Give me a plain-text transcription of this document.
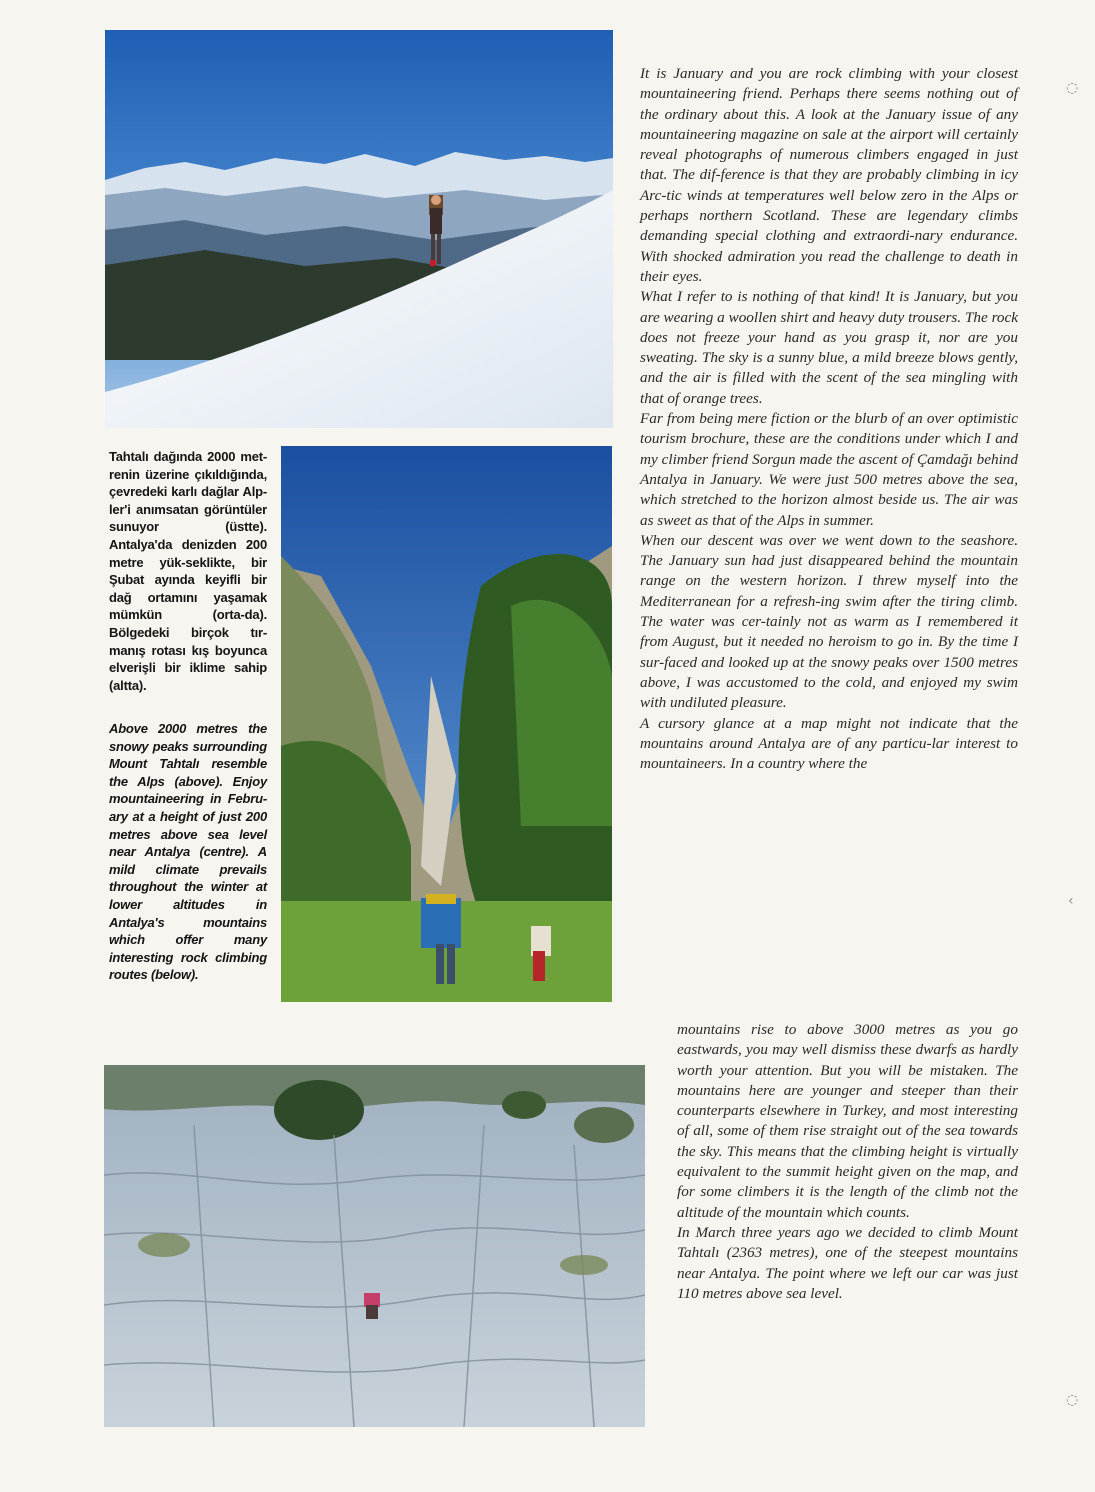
Tahtalı dağında 2000 met-renin üzerine çıkıldığında, çevredeki karlı dağlar Alp-ler'i anımsatan görüntüler sunuyor (üstte). Antalya'da denizden 200 metre yük-seklikte, bir Şubat ayında keyifli bir dağ ortamını yaşamak mümkün (orta-da). Bölgedeki birçok tır-manış rotası kış boyunca elverişli bir iklime sahip (altta).
Above 2000 metres the snowy peaks surrounding Mount Tahtalı resemble the Alps (above). Enjoy mountaineering in Febru-ary at a height of just 200 metres above sea level near Antalya (centre). A mild climate prevails throughout the winter at lower altitudes in Antalya's mountains which offer many interesting rock climbing routes (below).

It is January and you are rock climbing with your closest mountaineering friend. Perhaps there seems nothing out of the ordinary about this. A look at the January issue of any mountaineering magazine on sale at the airport will certainly reveal photographs of numerous climbers engaged in just that. The dif-ference is that they are probably climbing in icy Arc-tic winds at temperatures well below zero in the Alps or perhaps northern Scotland. These are legendary climbs demanding special clothing and extraordi-nary endurance. With shocked admiration you read the challenge to death in their eyes.

What I refer to is nothing of that kind! It is January, but you are wearing a woollen shirt and heavy duty trousers. The rock does not freeze your hand as you grasp it, nor are you sweating. The sky is a sunny blue, a mild breeze blows gently, and the air is filled with the scent of the sea mingling with that of orange trees.

Far from being mere fiction or the blurb of an over optimistic tourism brochure, these are the conditions under which I and my climber friend Sorgun made the ascent of Çamdağı behind Antalya in January. We were just 500 metres above the sea, which stretched to the horizon almost beside us. The air was as sweet as that of the Alps in summer.

When our descent was over we went down to the seashore. The January sun had just disappeared behind the mountain range on the western horizon. I threw myself into the Mediterranean for a refresh-ing swim after the tiring climb. The water was cer-tainly not as warm as I remembered it from August, but it needed no heroism to go in. By the time I sur-faced and looked up at the snowy peaks over 1500 metres above, I was accustomed to the cold, and enjoyed my swim with undiluted pleasure.

A cursory glance at a map might not indicate that the mountains around Antalya are of any particu-lar interest to mountaineers. In a country where the

mountains rise to above 3000 metres as you go eastwards, you may well dismiss these dwarfs as hardly worth your attention. But you will be mistaken. The mountains here are younger and steeper than their counterparts elsewhere in Turkey, and most interesting of all, some of them rise straight out of the sea towards the sky. This means that the climbing height is virtually equivalent to the summit height given on the map, and for some climbers it is the length of the climb not the altitude of the mountain which counts.

In March three years ago we decided to climb Mount Tahtalı (2363 metres), one of the steepest mountains near Antalya. The point where we left our car was just 110 metres above sea level.

◌
‹
◌
